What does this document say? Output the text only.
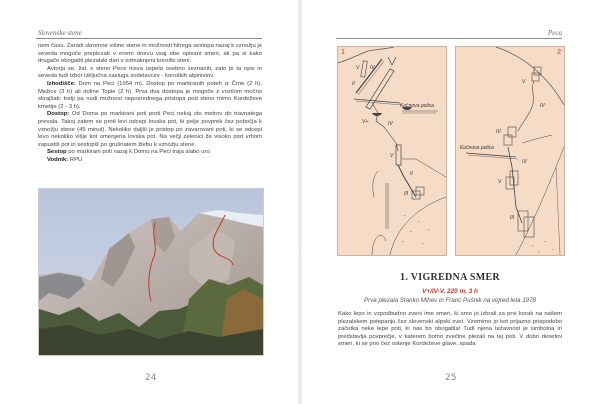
Slovenske stene

nem času. Zaradi skromne višine stene in možnosti hitrega sestopa nazaj k vznožju je seveda mogoče preplezati v enem dnevu vsaj obe opisani smeri, ali pa si kako drugače obogatiti plezalski dan v odmaknjeni koroški steni.

Avtorja se, žal, s steno Pece nisva uspela osebno seznaniti, zato je ta opis in seveda tudi izbor izključna zasluga sodelavcev - koroških alpinistov.

Izhodišče: Dom na Peci (1654 m). Dostop po markiranih poteh iz Črne (2 h), Mežice (3 h) ali doline Topie (2 h). Prva dva dostopa je mogoče z vozilom močno skrajšati; tretji pa nudi možnost neposrednega pristopa pod steno mimo Kordeževe kmetije (2 - 3 h).

Dostop: Od Doma po markirani poti proti Peci nekaj sto metrov do travnatega prevala. Takoj zatem se proti levi odcepi lovska pot, ki pelje povprek čez pobočja k vznožju stene (45 minut). Nekoliko daljši je pristop po zavarovani poti, ki se odcepi levo nekoliko višje kot omenjena lovska pot. Na večji zelenici že visoko pod vrhom zapustiš pot in sestopiš po grušnatem žlebu k vznožju stene.

Sestop po markirani poti nazaj k Domu na Peci traja slabo uro.

Vodnik: RPU

24
Peca
1
ʷ
ʷ
ʷ	ʷ
ʷ	ʷ
Kočnova polica
V IV
II
V+	IV
V
II
III
2
ʷ
ʷ
ʷ	ʷ
Kočnova polica
V
IV
IV
IV
V
III
1. VIGREDNA SMER
V+/IV-V, 220 m, 3 h
Prva plezala Stanko Mihev in Franc Pušnik na vigred leta 1978

Kako lepo in vzpodbudno zveni ime smeri, ki smo jo izbrali za prvi korak na našem plezalskem potepanju čez slovenski alpski svet. Vzemimo jo kot prijazno prispodobo začetka neke lepe poti, ki nas bo obogatila! Tudi njena težavnost je simbolna in predstavlja povprečje, v katerem bomo zvečine plezali na tej poti. V dobri desetini smeri, ki se pno čez ostenje Kordeževe glave, spada

25
